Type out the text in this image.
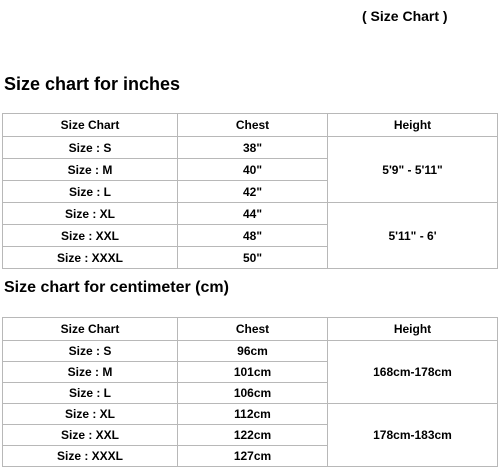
( Size Chart )
Size chart for inches
Size Chart	Chest	Height
Size : S	38"	5'9" - 5'11"
Size : M	40"	
Size : L	42"	
Size : XL	44"	5'11" - 6'
Size : XXL	48"	
Size : XXXL	50"	
Size chart for centimeter (cm)
Size Chart	Chest	Height
Size : S	96cm	168cm-178cm
Size : M	101cm	
Size : L	106cm	
Size : XL	112cm	178cm-183cm
Size : XXL	122cm	
Size : XXXL	127cm	
